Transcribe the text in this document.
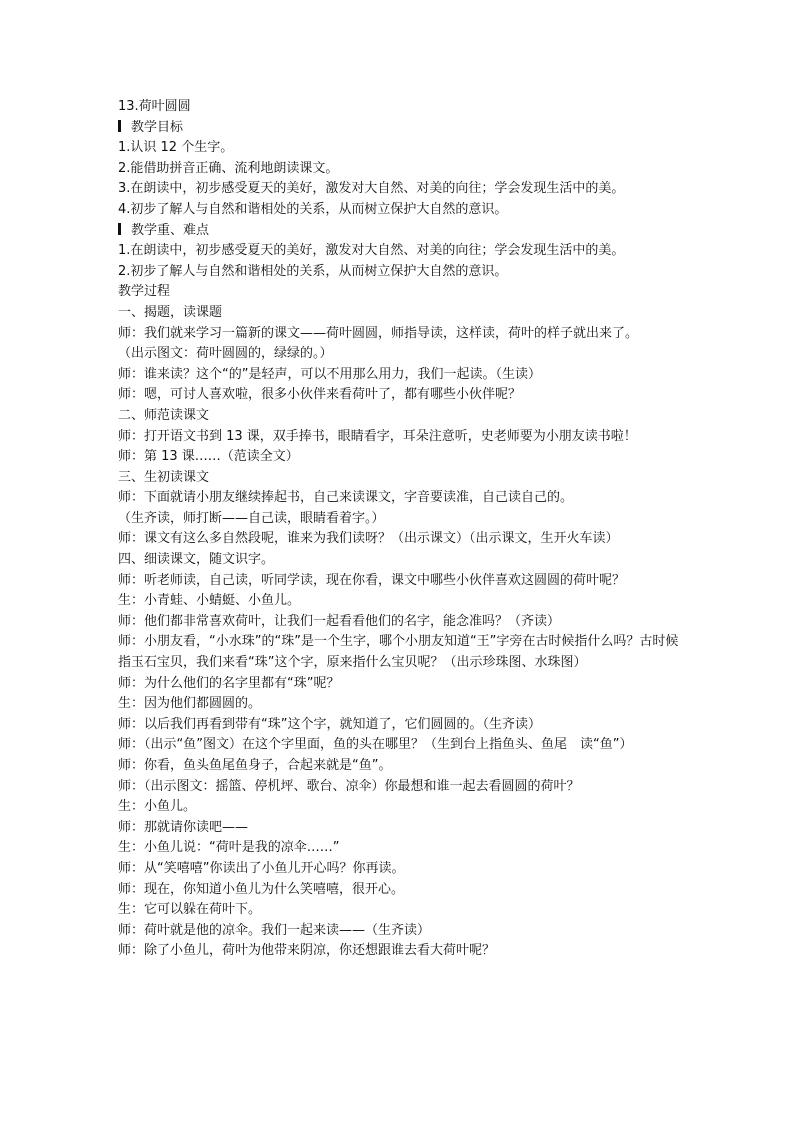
13.荷叶圆圆
教学目标
1.认识 12 个生字。
2.能借助拼音正确、流利地朗读课文。
3.在朗读中，初步感受夏天的美好，激发对大自然、对美的向往；学会发现生活中的美。
4.初步了解人与自然和谐相处的关系，从而树立保护大自然的意识。
教学重、难点
1.在朗读中，初步感受夏天的美好，激发对大自然、对美的向往；学会发现生活中的美。
2.初步了解人与自然和谐相处的关系，从而树立保护大自然的意识。
教学过程
一、揭题，读课题
师：我们就来学习一篇新的课文——荷叶圆圆，师指导读，这样读，荷叶的样子就出来了。
（出示图文：荷叶圆圆的，绿绿的。）
师：谁来读？这个“的”是轻声，可以不用那么用力，我们一起读。（生读）
师：嗯，可讨人喜欢啦，很多小伙伴来看荷叶了，都有哪些小伙伴呢？
二、师范读课文
师：打开语文书到 13 课，双手捧书，眼睛看字，耳朵注意听，史老师要为小朋友读书啦！
师：第 13 课……（范读全文）
三、生初读课文
师：下面就请小朋友继续捧起书，自己来读课文，字音要读准，自己读自己的。
（生齐读，师打断——自己读，眼睛看着字。）
师：课文有这么多自然段呢，谁来为我们读呀？（出示课文）（出示课文，生开火车读）
四、细读课文，随文识字。
师：听老师读，自己读，听同学读，现在你看，课文中哪些小伙伴喜欢这圆圆的荷叶呢？
生：小青蛙、小蜻蜓、小鱼儿。
师：他们都非常喜欢荷叶，让我们一起看看他们的名字，能念准吗？（齐读）
师：小朋友看，“小水珠”的“珠”是一个生字，哪个小朋友知道“王”字旁在古时候指什么吗？古时候指玉石宝贝，我们来看“珠”这个字，原来指什么宝贝呢？（出示珍珠图、水珠图）
师：为什么他们的名字里都有“珠”呢？
生：因为他们都圆圆的。
师：以后我们再看到带有“珠”这个字，就知道了，它们圆圆的。（生齐读）
师：（出示“鱼”图文）在这个字里面，鱼的头在哪里？（生到台上指鱼头、鱼尾　读“鱼”）
师：你看，鱼头鱼尾鱼身子，合起来就是“鱼”。
师：（出示图文：摇篮、停机坪、歌台、凉伞）你最想和谁一起去看圆圆的荷叶？
生：小鱼儿。
师：那就请你读吧——
生：小鱼儿说：“荷叶是我的凉伞……”
师：从“笑嘻嘻”你读出了小鱼儿开心吗？你再读。
师：现在，你知道小鱼儿为什么笑嘻嘻，很开心。
生：它可以躲在荷叶下。
师：荷叶就是他的凉伞。我们一起来读——（生齐读）
师：除了小鱼儿，荷叶为他带来阴凉，你还想跟谁去看大荷叶呢？
